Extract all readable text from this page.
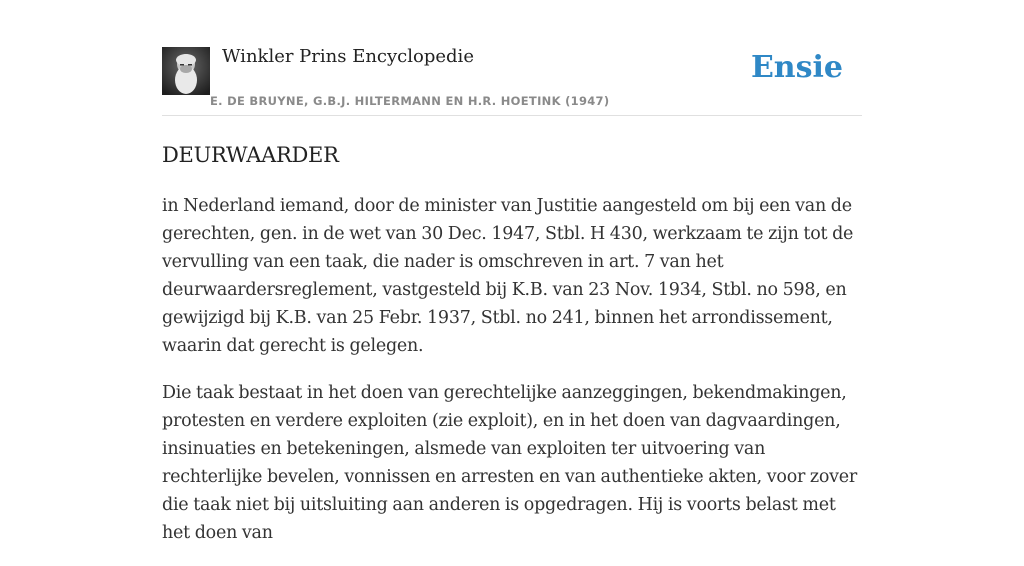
Winkler Prins Encyclopedie
E. DE BRUYNE, G.B.J. HILTERMANN EN H.R. HOETINK (1947)
Ensie
DEURWAARDER

in Nederland iemand, door de minister van Justitie aangesteld om bij een van de gerechten, gen. in de wet van 30 Dec. 1947, Stbl. H 430, werkzaam te zijn tot de vervulling van een taak, die nader is omschreven in art. 7 van het deurwaardersreglement, vastgesteld bij K.B. van 23 Nov. 1934, Stbl. no 598, en gewijzigd bij K.B. van 25 Febr. 1937, Stbl. no 241, binnen het arrondissement, waarin dat gerecht is gelegen.

Die taak bestaat in het doen van gerechtelijke aanzeggingen, bekendmakingen, protesten en verdere exploiten (zie exploit), en in het doen van dagvaardingen, insinuaties en betekeningen, alsmede van exploiten ter uitvoering van rechterlijke bevelen, vonnissen en arresten en van authentieke akten, voor zover die taak niet bij uitsluiting aan anderen is opgedragen. Hij is voorts belast met het doen van
